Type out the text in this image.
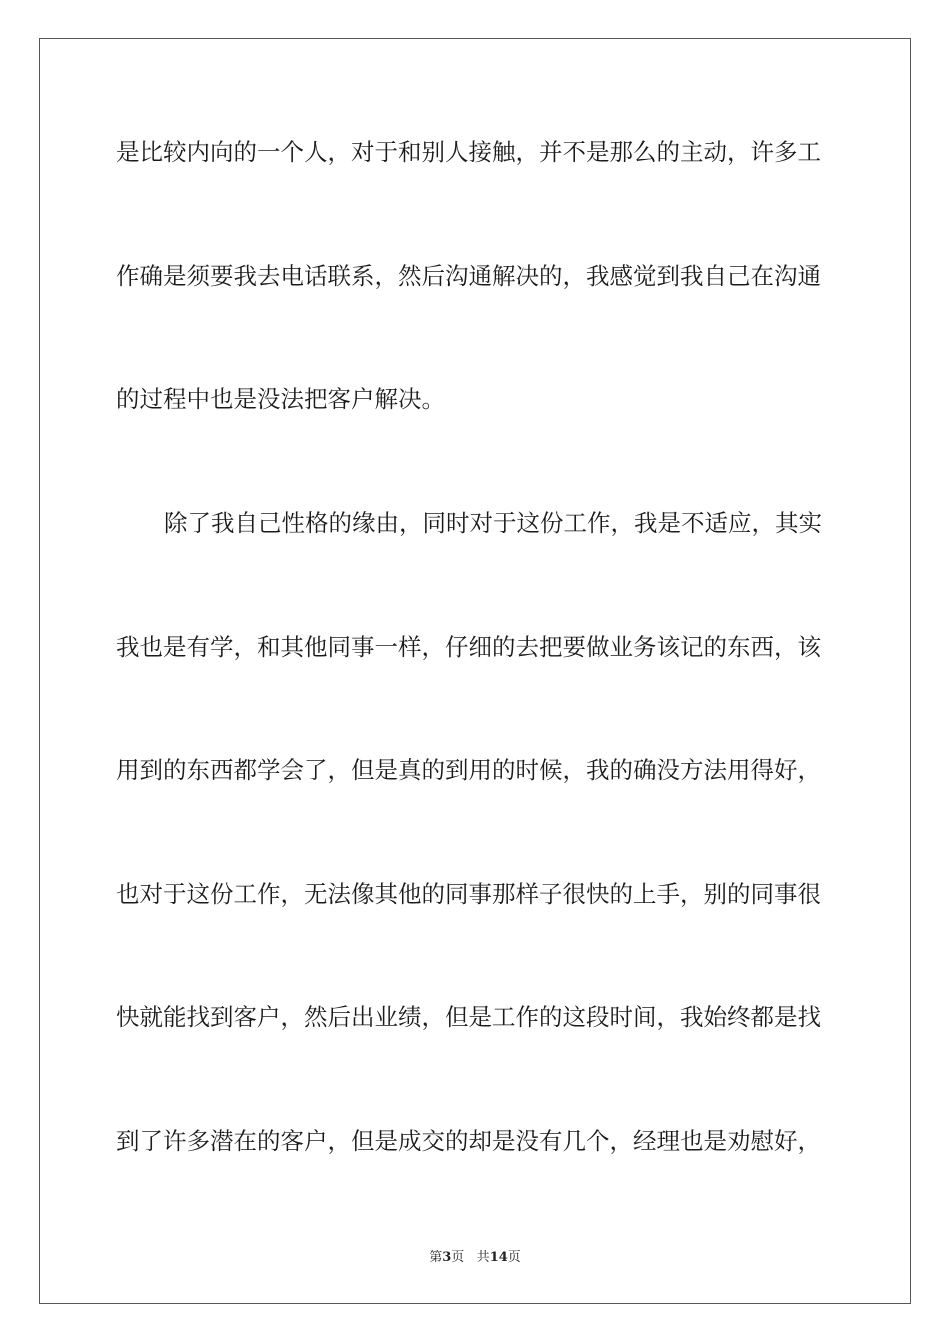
是比较内向的一个人，对于和别人接触，并不是那么的主动，许多工

作确是须要我去电话联系，然后沟通解决的，我感觉到我自己在沟通

的过程中也是没法把客户解决。

除了我自己性格的缘由，同时对于这份工作，我是不适应，其实

我也是有学，和其他同事一样，仔细的去把要做业务该记的东西，该

用到的东西都学会了，但是真的到用的时候，我的确没方法用得好，

也对于这份工作，无法像其他的同事那样子很快的上手，别的同事很

快就能找到客户，然后出业绩，但是工作的这段时间，我始终都是找

到了许多潜在的客户，但是成交的却是没有几个，经理也是劝慰好，

第3页 共14页
